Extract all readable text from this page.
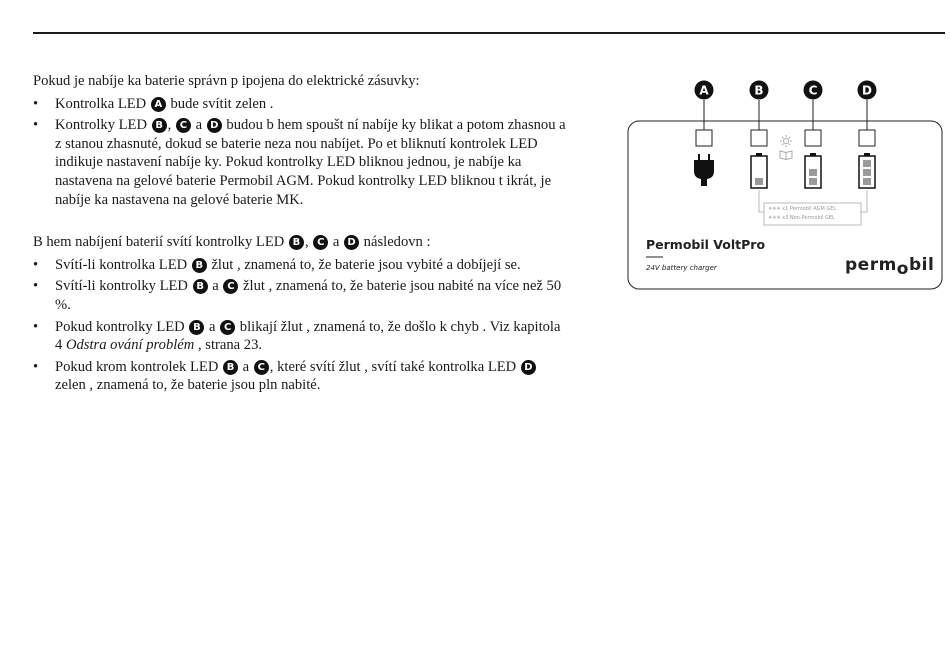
Pokud je nabíje ka baterie správn p ipojena do elektrické zásuvky:

• Kontrolka LED A bude svítit zelen .
• Kontrolky LED B , C a D budou b hem spoušt ní nabíje ky blikat a potom zhasnou a z stanou zhasnuté, dokud se baterie neza nou nabíjet. Po et bliknutí kontrolek LED indikuje nastavení nabíje ky. Pokud kontrolky LED bliknou jednou, je nabíje ka nastavena na gelové baterie Permobil AGM. Pokud kontrolky LED bliknou t ikrát, je nabíje ka nastavena na gelové baterie MK.

B hem nabíjení baterií svítí kontrolky LED B , C a D následovn :

• Svítí-li kontrolka LED B žlut , znamená to, že baterie jsou vybité a dobíjejí se.
• Svítí-li kontrolky LED B a C žlut , znamená to, že baterie jsou nabité na více než 50 %.
• Pokud kontrolky LED B a C blikají žlut , znamená to, že došlo k chyb . Viz kapitola 4 Odstra ování problém , strana 23.
• Pokud krom kontrolek LED B a C , které svítí žlut , svítí také kontrolka LED D zelen , znamená to, že baterie jsou pln nabité.
A	B	C	D
✳✳✳ x1 Permobil AGM GEL
✳✳✳ x3 Non-Permobil GEL

Permobil VoltPro

24V battery charger	permobil
